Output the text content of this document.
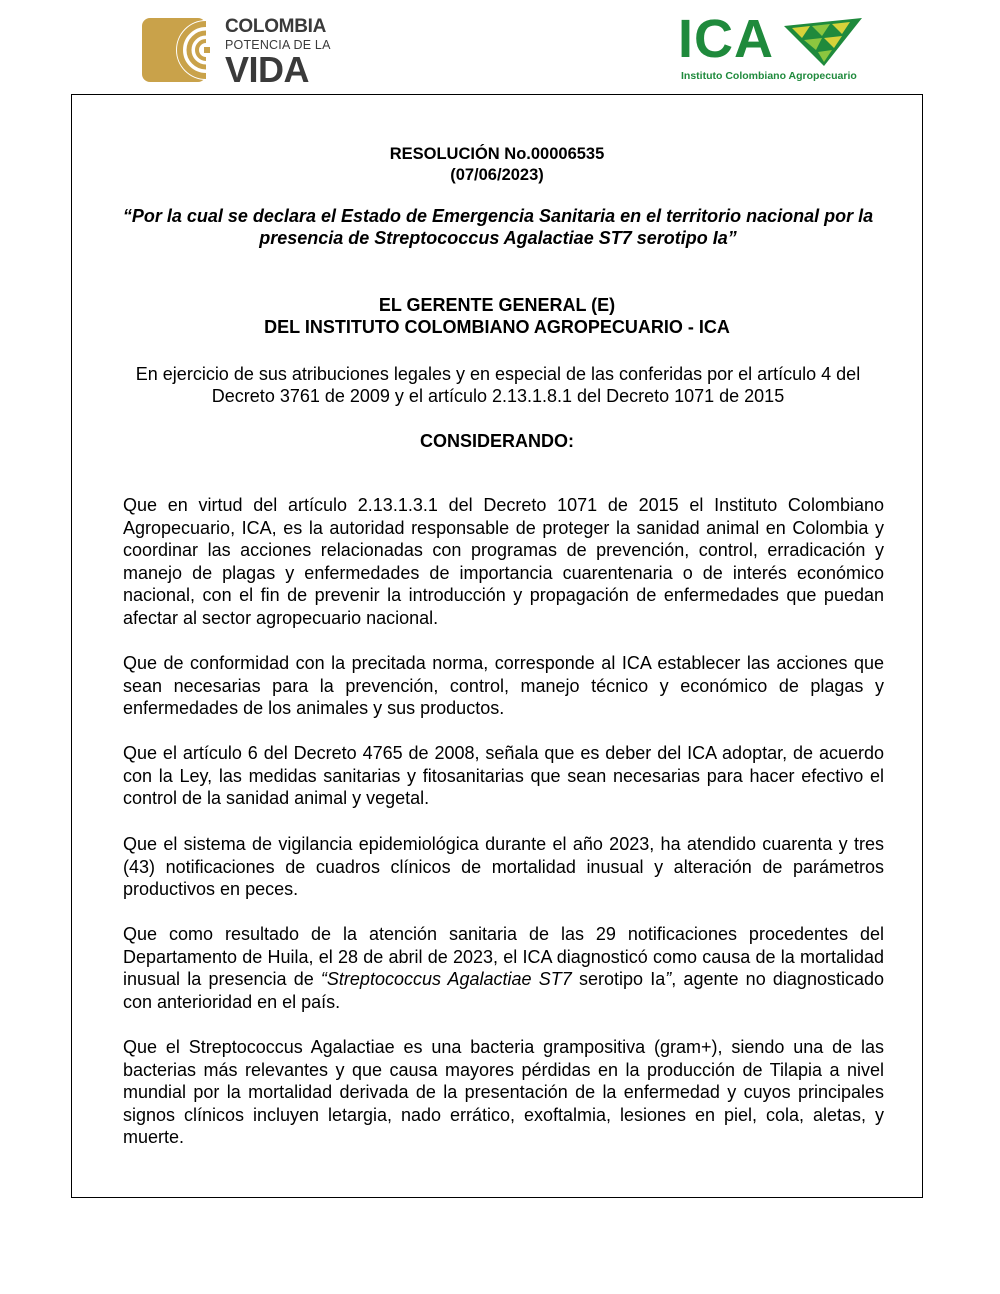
COLOMBIA
POTENCIA DE LA
VIDA
ICA
Instituto Colombiano Agropecuario
RESOLUCIÓN No.00006535
(07/06/2023)
“Por la cual se declara el Estado de Emergencia Sanitaria en el territorio nacional por la presencia de Streptococcus Agalactiae ST7 serotipo Ia”
EL GERENTE GENERAL (E)
DEL INSTITUTO COLOMBIANO AGROPECUARIO - ICA
En ejercicio de sus atribuciones legales y en especial de las conferidas por el artículo 4 del Decreto 3761 de 2009 y el artículo 2.13.1.8.1 del Decreto 1071 de 2015
CONSIDERANDO:

Que en virtud del artículo 2.13.1.3.1 del Decreto 1071 de 2015 el Instituto Colombiano Agropecuario, ICA, es la autoridad responsable de proteger la sanidad animal en Colombia y coordinar las acciones relacionadas con programas de prevención, control, erradicación y manejo de plagas y enfermedades de importancia cuarentenaria o de interés económico nacional, con el fin de prevenir la introducción y propagación de enfermedades que puedan afectar al sector agropecuario nacional.

Que de conformidad con la precitada norma, corresponde al ICA establecer las acciones que sean necesarias para la prevención, control, manejo técnico y económico de plagas y enfermedades de los animales y sus productos.

Que el artículo 6 del Decreto 4765 de 2008, señala que es deber del ICA adoptar, de acuerdo con la Ley, las medidas sanitarias y fitosanitarias que sean necesarias para hacer efectivo el control de la sanidad animal y vegetal.

Que el sistema de vigilancia epidemiológica durante el año 2023, ha atendido cuarenta y tres (43) notificaciones de cuadros clínicos de mortalidad inusual y alteración de parámetros productivos en peces.

Que como resultado de la atención sanitaria de las 29 notificaciones procedentes del Departamento de Huila, el 28 de abril de 2023, el ICA diagnosticó como causa de la mortalidad inusual la presencia de “Streptococcus Agalactiae ST7 serotipo Ia”, agente no diagnosticado con anterioridad en el país.

Que el Streptococcus Agalactiae es una bacteria grampositiva (gram+), siendo una de las bacterias más relevantes y que causa mayores pérdidas en la producción de Tilapia a nivel mundial por la mortalidad derivada de la presentación de la enfermedad y cuyos principales signos clínicos incluyen letargia, nado errático, exoftalmia, lesiones en piel, cola, aletas, y muerte.
